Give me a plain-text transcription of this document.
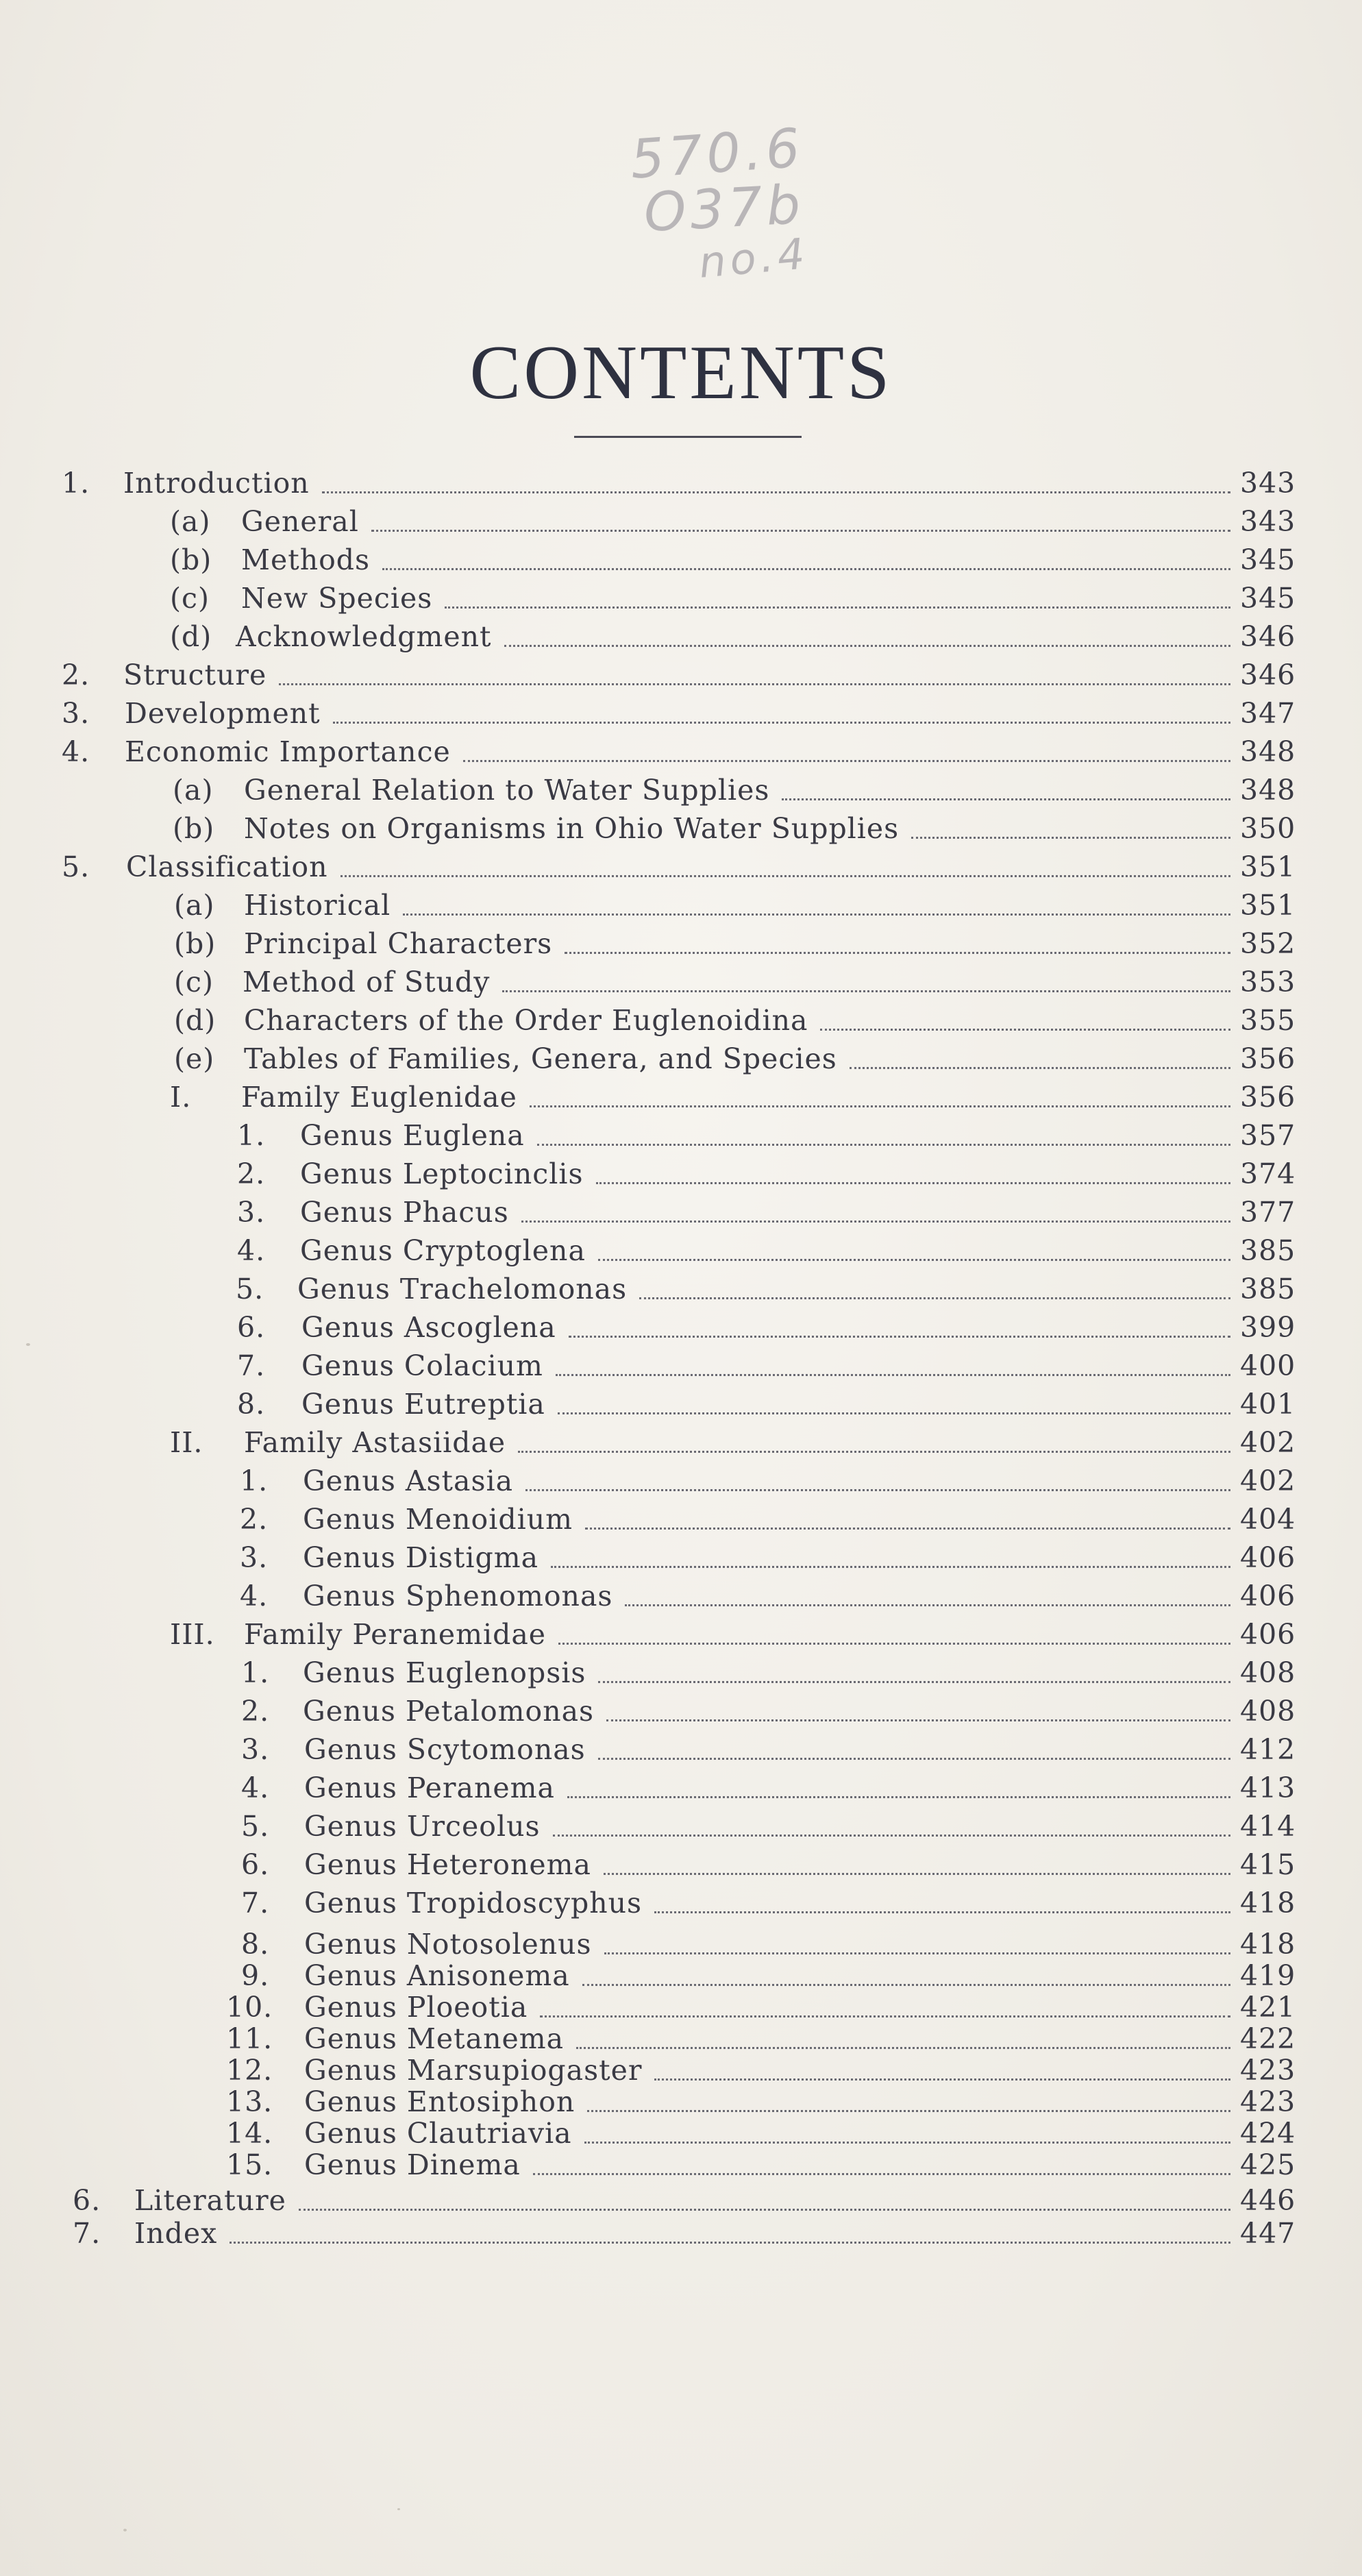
570.6
O37b
no.4
CONTENTS
1.	Introduction	343
(a)	General	343
(b)	Methods	345
(c)	New Species	345
(d) Acknowledgment	346
2.	Structure	346
3.	Development	347
4.	Economic Importance	348
(a)	General Relation to Water Supplies	348
(b)	Notes on Organisms in Ohio Water Supplies	350
5.	Classification	351
(a)	Historical	351
(b) Principal Characters	352
(c)	Method of Study	353
(d) Characters of the Order Euglenoidina	355
(e)	Tables of Families, Genera, and Species	356
I.	Family Euglenidae	356
1.	Genus Euglena	357
2.	Genus Leptocinclis	374
3.	Genus Phacus	377
4.	Genus Cryptoglena	385
5.	Genus Trachelomonas	385
6.	Genus Ascoglena	399
7.	Genus Colacium	400
8.	Genus Eutreptia	401
II.	Family Astasiidae	402
1.	Genus Astasia	402
2.	Genus Menoidium	404
3.	Genus Distigma	406
4.	Genus Sphenomonas	406
III.	Family Peranemidae	406
1.	Genus Euglenopsis	408
2.	Genus Petalomonas	408
3.	Genus Scytomonas	412
4.	Genus Peranema	413
5.	Genus Urceolus	414
6.	Genus Heteronema	415
7.	Genus Tropidoscyphus	418
8.	Genus Notosolenus	418
9.	Genus Anisonema	419
10.	Genus Ploeotia	421
11.	Genus Metanema	422
12.	Genus Marsupiogaster	423
13.	Genus Entosiphon	423
14.	Genus Clautriavia	424
15.	Genus Dinema	425
6.	Literature	446
7.	Index	447
